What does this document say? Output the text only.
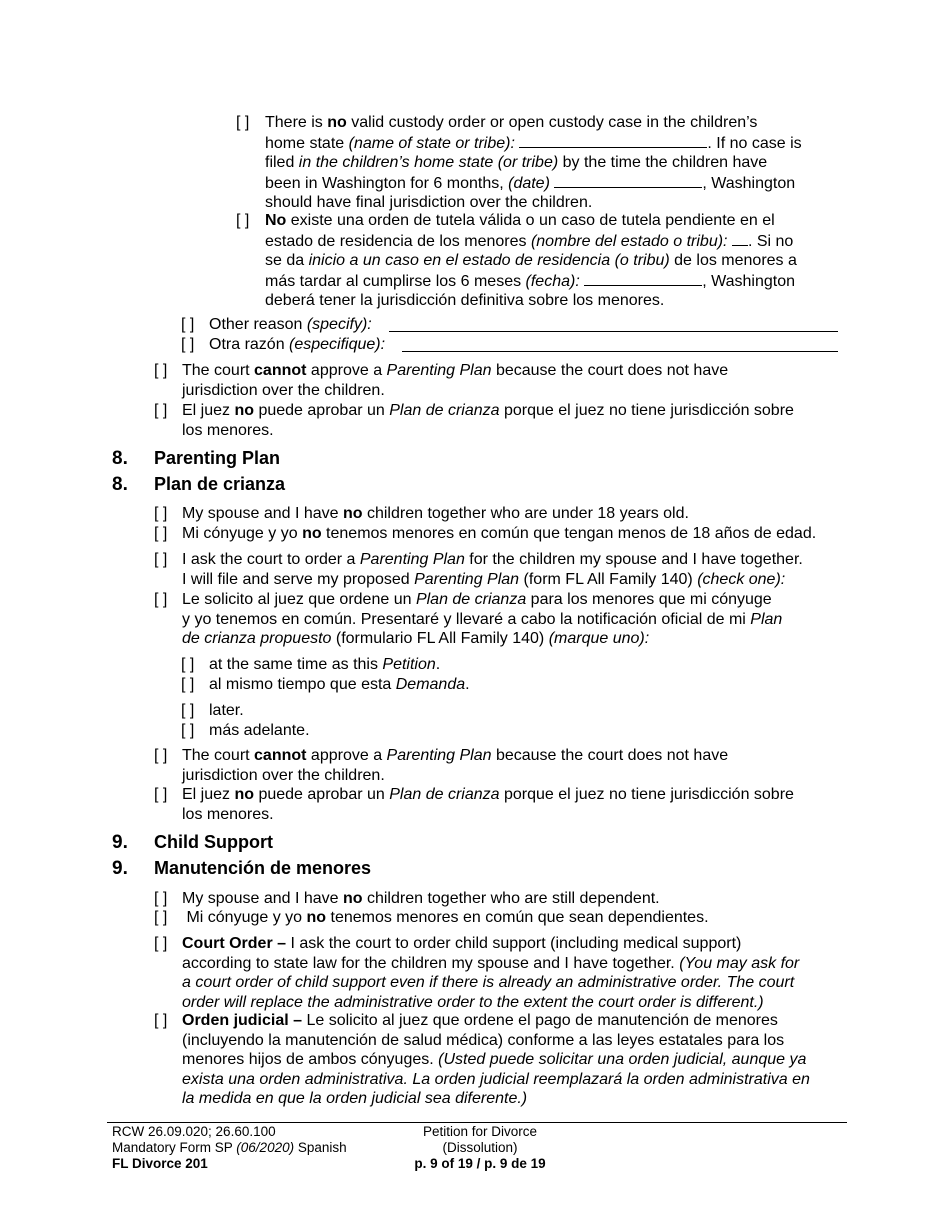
[ ] There is no valid custody order or open custody case in the children’s
home state (name of state or tribe):	. If no case is
filed in the children’s home state (or tribe) by the time the children have
been in Washington for 6 months, (date)	, Washington
should have final jurisdiction over the children.
[ ] No existe una orden de tutela válida o un caso de tutela pendiente en el
estado de residencia de los menores (nombre del estado o tribu): . Si no
se da inicio a un caso en el estado de residencia (o tribu) de los menores a
más tardar al cumplirse los 6 meses (fecha):	, Washington
deberá tener la jurisdicción definitiva sobre los menores.
[ ] Other reason (specify):
[ ] Otra razón (especifique):
[ ] The court cannot approve a Parenting Plan because the court does not have
jurisdiction over the children.
[ ] El juez no puede aprobar un Plan de crianza porque el juez no tiene jurisdicción sobre
los menores.
8. Parenting Plan
8. Plan de crianza
[ ] My spouse and I have no children together who are under 18 years old.
[ ] Mi cónyuge y yo no tenemos menores en común que tengan menos de 18 años de edad.
[ ] I ask the court to order a Parenting Plan for the children my spouse and I have together.
I will file and serve my proposed Parenting Plan (form FL All Family 140) (check one):
[ ] Le solicito al juez que ordene un Plan de crianza para los menores que mi cónyuge
y yo tenemos en común. Presentaré y llevaré a cabo la notificación oficial de mi Plan
de crianza propuesto (formulario FL All Family 140) (marque uno):
[ ] at the same time as this Petition.
[ ] al mismo tiempo que esta Demanda.
[ ] later.
[ ] más adelante.
[ ] The court cannot approve a Parenting Plan because the court does not have
jurisdiction over the children.
[ ] El juez no puede aprobar un Plan de crianza porque el juez no tiene jurisdicción sobre
los menores.
9. Child Support
9. Manutención de menores
[ ] My spouse and I have no children together who are still dependent.
[ ] Mi cónyuge y yo no tenemos menores en común que sean dependientes.
[ ] Court Order – I ask the court to order child support (including medical support)
according to state law for the children my spouse and I have together. (You may ask for
a court order of child support even if there is already an administrative order. The court
order will replace the administrative order to the extent the court order is different.)
[ ] Orden judicial – Le solicito al juez que ordene el pago de manutención de menores
(incluyendo la manutención de salud médica) conforme a las leyes estatales para los
menores hijos de ambos cónyuges. (Usted puede solicitar una orden judicial, aunque ya
exista una orden administrativa. La orden judicial reemplazará la orden administrativa en
la medida en que la orden judicial sea diferente.)
RCW 26.09.020; 26.60.100
Mandatory Form SP (06/2020) Spanish
FL Divorce 201
Petition for Divorce
(Dissolution)
p. 9 of 19 / p. 9 de 19
